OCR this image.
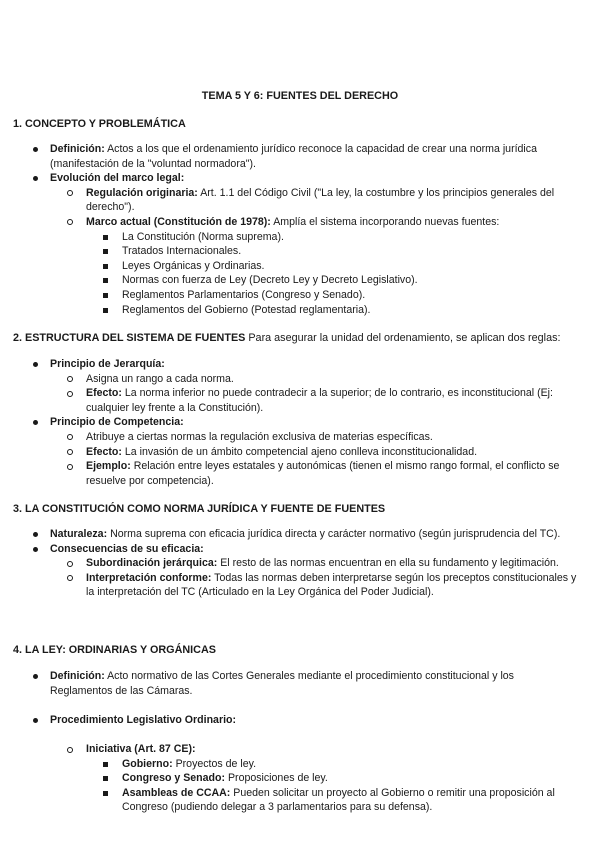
TEMA 5 Y 6: FUENTES DEL DERECHO
1. CONCEPTO Y PROBLEMÁTICA
Definición: Actos a los que el ordenamiento jurídico reconoce la capacidad de crear una norma jurídica (manifestación de la "voluntad normadora").
Evolución del marco legal:
Regulación originaria: Art. 1.1 del Código Civil ("La ley, la costumbre y los principios generales del derecho").
Marco actual (Constitución de 1978): Amplía el sistema incorporando nuevas fuentes:
La Constitución (Norma suprema).
Tratados Internacionales.
Leyes Orgánicas y Ordinarias.
Normas con fuerza de Ley (Decreto Ley y Decreto Legislativo).
Reglamentos Parlamentarios (Congreso y Senado).
Reglamentos del Gobierno (Potestad reglamentaria).
2. ESTRUCTURA DEL SISTEMA DE FUENTES Para asegurar la unidad del ordenamiento, se aplican dos reglas:
Principio de Jerarquía:
Asigna un rango a cada norma.
Efecto: La norma inferior no puede contradecir a la superior; de lo contrario, es inconstitucional (Ej: cualquier ley frente a la Constitución).
Principio de Competencia:
Atribuye a ciertas normas la regulación exclusiva de materias específicas.
Efecto: La invasión de un ámbito competencial ajeno conlleva inconstitucionalidad.
Ejemplo: Relación entre leyes estatales y autonómicas (tienen el mismo rango formal, el conflicto se resuelve por competencia).
3. LA CONSTITUCIÓN COMO NORMA JURÍDICA Y FUENTE DE FUENTES
Naturaleza: Norma suprema con eficacia jurídica directa y carácter normativo (según jurisprudencia del TC).
Consecuencias de su eficacia:
Subordinación jerárquica: El resto de las normas encuentran en ella su fundamento y legitimación.
Interpretación conforme: Todas las normas deben interpretarse según los preceptos constitucionales y la interpretación del TC (Articulado en la Ley Orgánica del Poder Judicial).
4. LA LEY: ORDINARIAS Y ORGÁNICAS
Definición: Acto normativo de las Cortes Generales mediante el procedimiento constitucional y los Reglamentos de las Cámaras.
Procedimiento Legislativo Ordinario:
Iniciativa (Art. 87 CE):
Gobierno: Proyectos de ley.
Congreso y Senado: Proposiciones de ley.
Asambleas de CCAA: Pueden solicitar un proyecto al Gobierno o remitir una proposición al Congreso (pudiendo delegar a 3 parlamentarios para su defensa).
